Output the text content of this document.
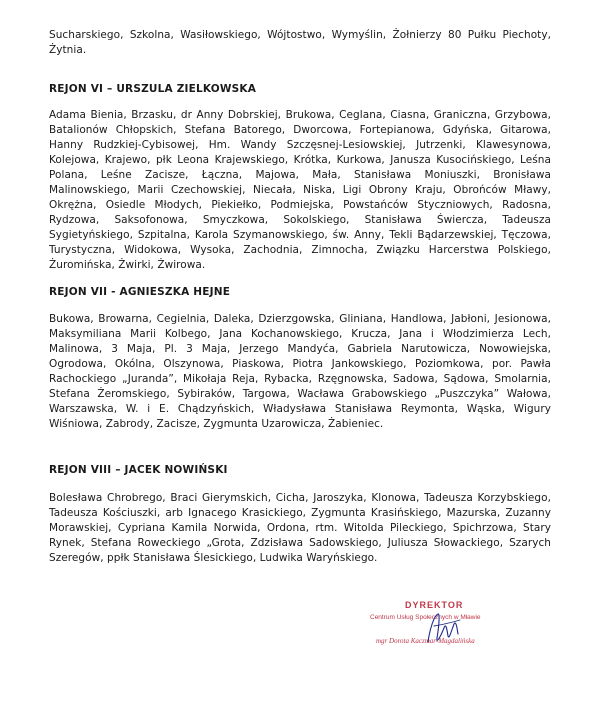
Sucharskiego, Szkolna, Wasiłowskiego, Wójtostwo, Wymyślin, Żołnierzy 80 Pułku Piechoty, Żytnia.
REJON VI – URSZULA ZIELKOWSKA
Adama Bienia, Brzasku, dr Anny Dobrskiej, Brukowa, Ceglana, Ciasna, Graniczna, Grzybowa, Batalionów Chłopskich, Stefana Batorego, Dworcowa, Fortepianowa, Gdyńska, Gitarowa, Hanny Rudzkiej-Cybisowej, Hm. Wandy Szczęsnej-Lesiowskiej, Jutrzenki, Klawesynowa, Kolejowa, Krajewo, płk Leona Krajewskiego, Krótka, Kurkowa, Janusza Kusocińskiego, Leśna Polana, Leśne Zacisze, Łączna, Majowa, Mała, Stanisława Moniuszki, Bronisława Malinowskiego, Marii Czechowskiej, Niecała, Niska, Ligi Obrony Kraju, Obrońców Mławy, Okrężna, Osiedle Młodych, Piekiełko, Podmiejska, Powstańców Styczniowych, Radosna, Rydzowa, Saksofonowa, Smyczkowa, Sokolskiego, Stanisława Świercza, Tadeusza Sygietyńskiego, Szpitalna, Karola Szymanowskiego, św. Anny, Tekli Bądarzewskiej, Tęczowa, Turystyczna, Widokowa, Wysoka, Zachodnia, Zimnocha, Związku Harcerstwa Polskiego, Żuromińska, Żwirki, Żwirowa.
REJON VII - AGNIESZKA HEJNE
Bukowa, Browarna, Cegielnia, Daleka, Dzierzgowska, Gliniana, Handlowa, Jabłoni, Jesionowa, Maksymiliana Marii Kolbego, Jana Kochanowskiego, Krucza, Jana i Włodzimierza Lech, Malinowa, 3 Maja, Pl. 3 Maja, Jerzego Mandyća, Gabriela Narutowicza, Nowowiejska, Ogrodowa, Okólna, Olszynowa, Piaskowa, Piotra Jankowskiego, Poziomkowa, por. Pawła Rachockiego „Juranda”, Mikołaja Reja, Rybacka, Rzęgnowska, Sadowa, Sądowa, Smolarnia, Stefana Żeromskiego, Sybiraków, Targowa, Wacława Grabowskiego „Puszczyka” Wałowa, Warszawska, W. i E. Chądzyńskich, Władysława Stanisława Reymonta, Wąska, Wigury Wiśniowa, Zabrody, Zacisze, Zygmunta Uzarowicza, Żabieniec.
REJON VIII – JACEK NOWIŃSKI
Bolesława Chrobrego, Braci Gierymskich, Cicha, Jaroszyka, Klonowa, Tadeusza Korzybskiego, Tadeusza Kościuszki, arb Ignacego Krasickiego, Zygmunta Krasińskiego, Mazurska, Zuzanny Morawskiej, Cypriana Kamila Norwida, Ordona, rtm. Witolda Pileckiego, Spichrzowa, Stary Rynek, Stefana Roweckiego „Grota, Zdzisława Sadowskiego, Juliusza Słowackiego, Szarych Szeregów, ppłk Stanisława Ślesickiego, Ludwika Waryńskiego.
DYREKTOR
Centrum Usług Społecznych w Mławie
mgr Dorota Kaczmar-Magdalińska
